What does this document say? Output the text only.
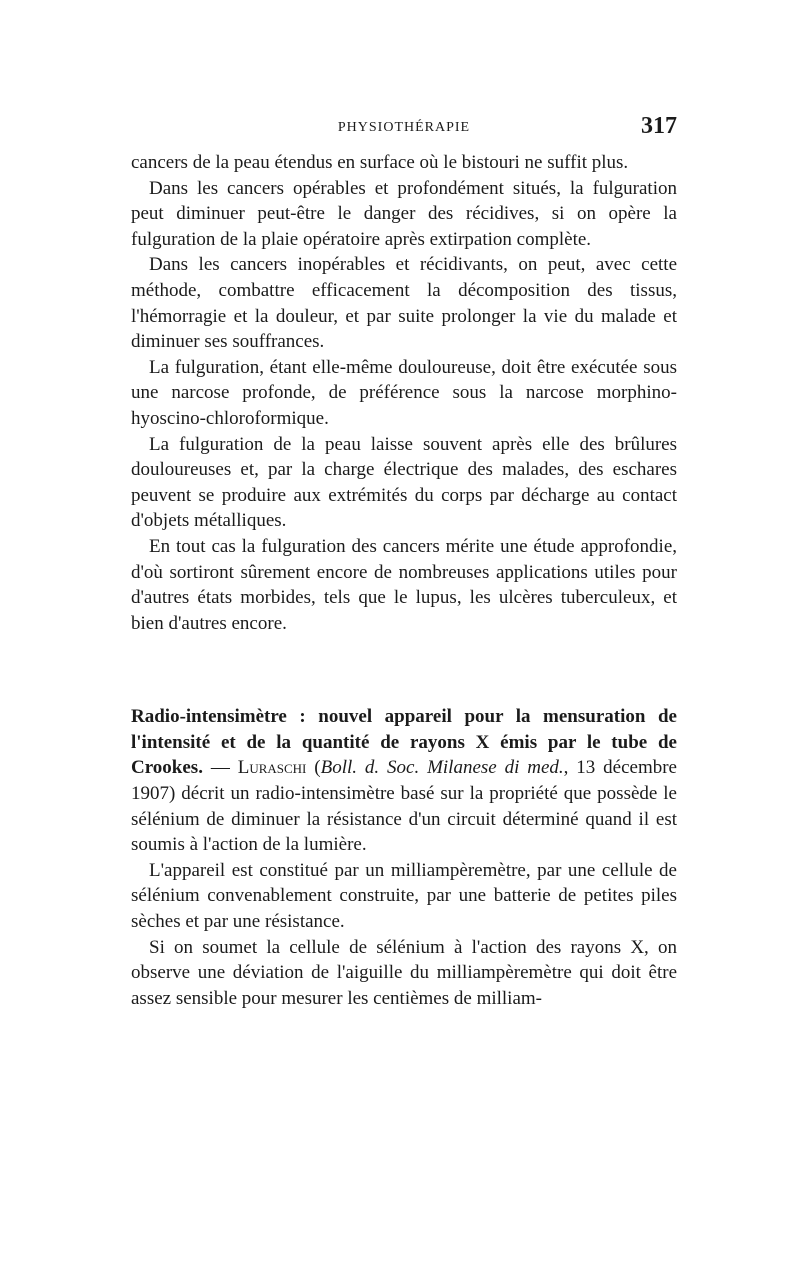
PHYSIOTHÉRAPIE	317

cancers de la peau étendus en surface où le bistouri ne suffit plus.

Dans les cancers opérables et profondément situés, la fulguration peut diminuer peut-être le danger des récidives, si on opère la fulguration de la plaie opératoire après extirpation complète.

Dans les cancers inopérables et récidivants, on peut, avec cette méthode, combattre efficacement la décomposition des tissus, l'hémorragie et la douleur, et par suite prolonger la vie du malade et diminuer ses souffrances.

La fulguration, étant elle-même douloureuse, doit être exécutée sous une narcose profonde, de préférence sous la narcose morphino-hyoscino-chloroformique.

La fulguration de la peau laisse souvent après elle des brûlures douloureuses et, par la charge électrique des malades, des eschares peuvent se produire aux extrémités du corps par décharge au contact d'objets métalliques.

En tout cas la fulguration des cancers mérite une étude approfondie, d'où sortiront sûrement encore de nombreuses applications utiles pour d'autres états morbides, tels que le lupus, les ulcères tuberculeux, et bien d'autres encore.

Radio-intensimètre : nouvel appareil pour la mensuration de l'intensité et de la quantité de rayons X émis par le tube de Crookes. — Luraschi (Boll. d. Soc. Milanese di med., 13 décembre 1907) décrit un radio-intensimètre basé sur la propriété que possède le sélénium de diminuer la résistance d'un circuit déterminé quand il est soumis à l'action de la lumière.

L'appareil est constitué par un milliampèremètre, par une cellule de sélénium convenablement construite, par une batterie de petites piles sèches et par une résistance.

Si on soumet la cellule de sélénium à l'action des rayons X, on observe une déviation de l'aiguille du milliampèremètre qui doit être assez sensible pour mesurer les centièmes de milliam-
